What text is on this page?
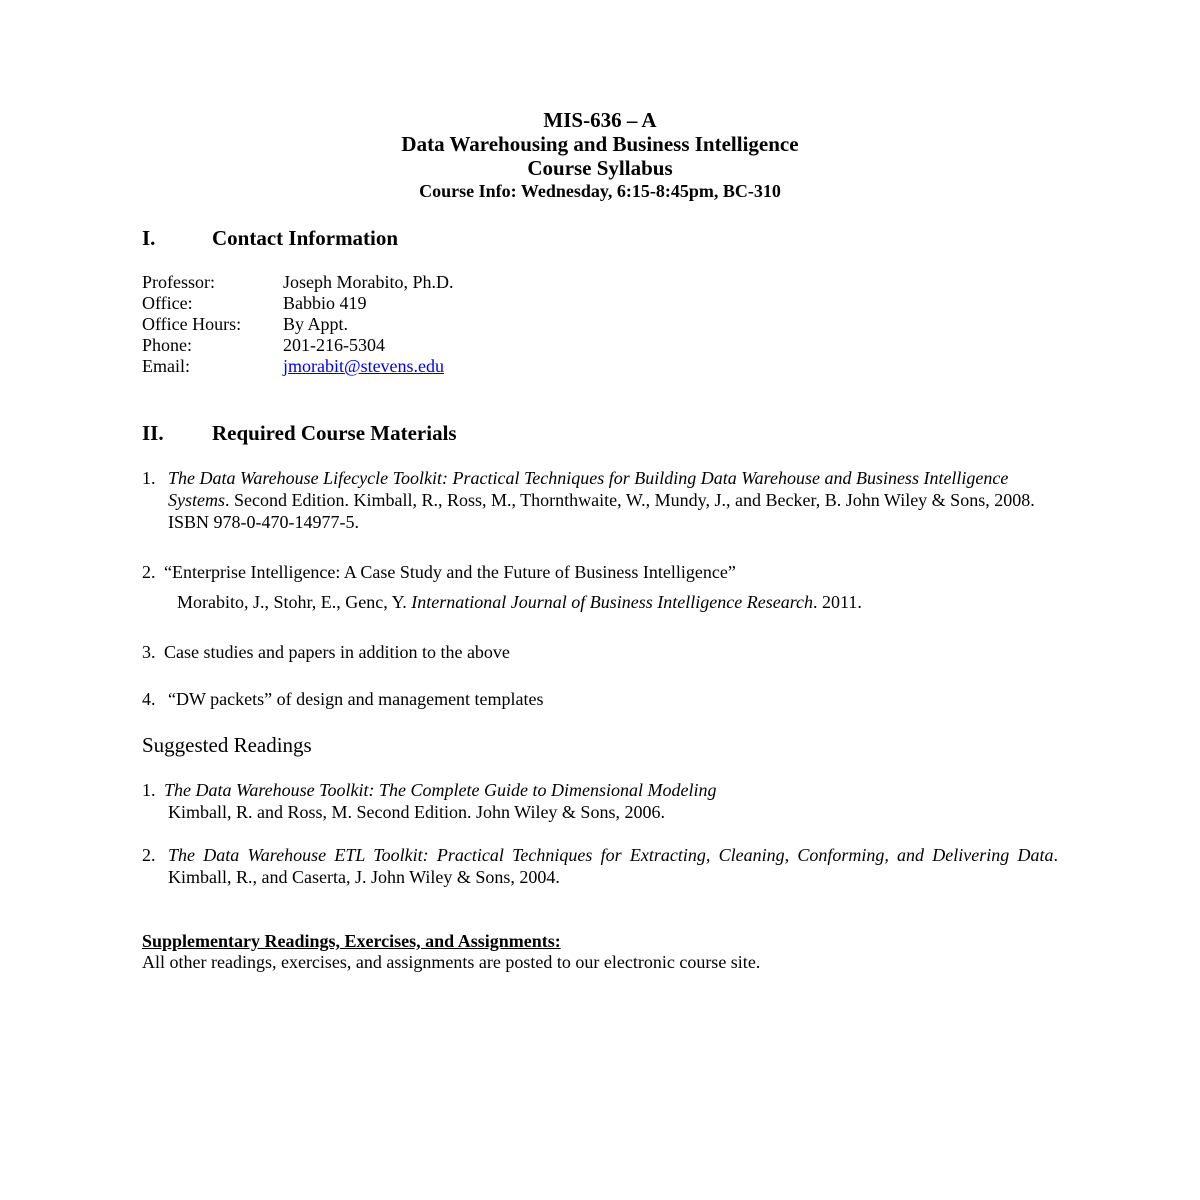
MIS-636 – A
Data Warehousing and Business Intelligence
Course Syllabus
Course Info: Wednesday, 6:15-8:45pm, BC-310
I.	Contact Information
Professor:	Joseph Morabito, Ph.D.
Office:	Babbio 419
Office Hours: By Appt.
Phone:	201-216-5304
Email:	jmorabit@stevens.edu
II. Required Course Materials
1. The Data Warehouse Lifecycle Toolkit: Practical Techniques for Building Data Warehouse and Business Intelligence Systems. Second Edition. Kimball, R., Ross, M., Thornthwaite, W., Mundy, J., and Becker, B. John Wiley & Sons, 2008. ISBN 978-0-470-14977-5.
2. “Enterprise Intelligence: A Case Study and the Future of Business Intelligence”
Morabito, J., Stohr, E., Genc, Y. International Journal of Business Intelligence Research. 2011.
3. Case studies and papers in addition to the above
4. “DW packets” of design and management templates
Suggested Readings
1. The Data Warehouse Toolkit: The Complete Guide to Dimensional Modeling
Kimball, R. and Ross, M. Second Edition. John Wiley & Sons, 2006.
2. The Data Warehouse ETL Toolkit: Practical Techniques for Extracting, Cleaning, Conforming, and Delivering Data. Kimball, R., and Caserta, J. John Wiley & Sons, 2004.
Supplementary Readings, Exercises, and Assignments:
All other readings, exercises, and assignments are posted to our electronic course site.
